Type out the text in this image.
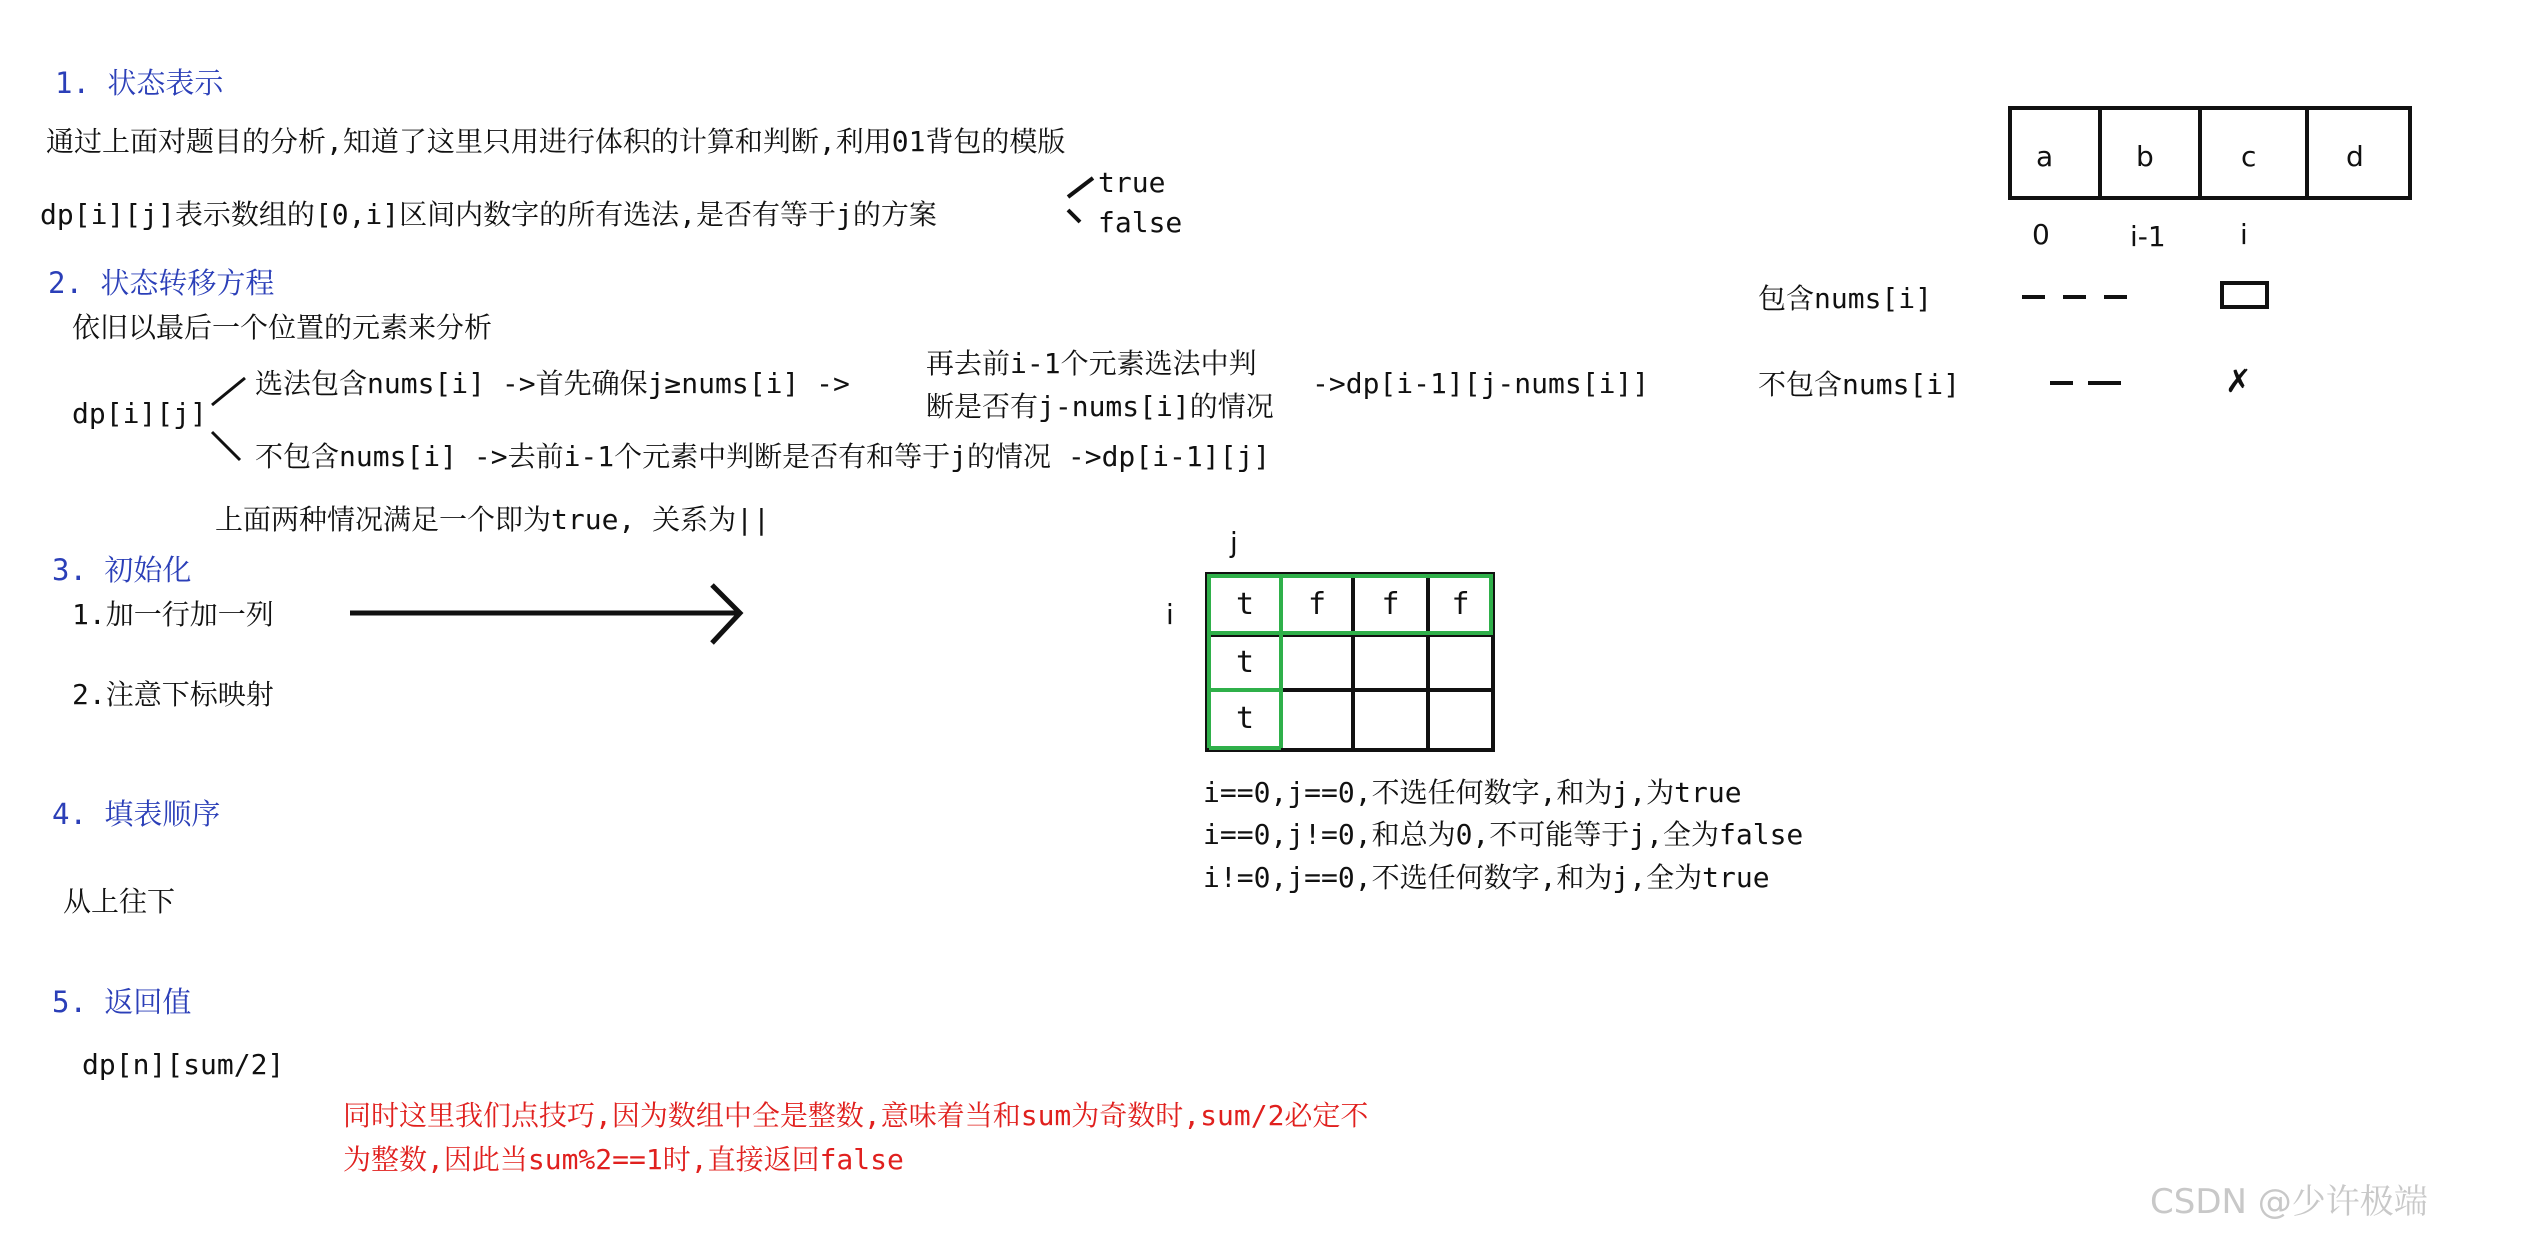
1. 状态表示
2. 状态转移方程
3. 初始化
4. 填表顺序
5. 返回值
通过上面对题目的分析,知道了这里只用进行体积的计算和判断,利用01背包的模版
dp[i][j]表示数组的[0,i]区间内数字的所有选法,是否有等于j的方案
true
false
依旧以最后一个位置的元素来分析
dp[i][j]
选法包含nums[i] ->首先确保j≥nums[i] ->
再去前i-1个元素选法中判
断是否有j-nums[i]的情况
->dp[i-1][j-nums[i]]
不包含nums[i] ->去前i-1个元素中判断是否有和等于j的情况 ->dp[i-1][j]
上面两种情况满足一个即为true, 关系为||
1.加一行加一列
2.注意下标映射
从上往下
dp[n][sum/2]
同时这里我们点技巧,因为数组中全是整数,意味着当和sum为奇数时,sum/2必定不
为整数,因此当sum%2==1时,直接返回false
a	b	c	d
0	i-1	i
包含nums[i]
不包含nums[i]	✗
j
i	t	f	f	f
t
t
i==0,j==0,不选任何数字,和为j,为true
i==0,j!=0,和总为0,不可能等于j,全为false
i!=0,j==0,不选任何数字,和为j,全为true
CSDN @少许极端
